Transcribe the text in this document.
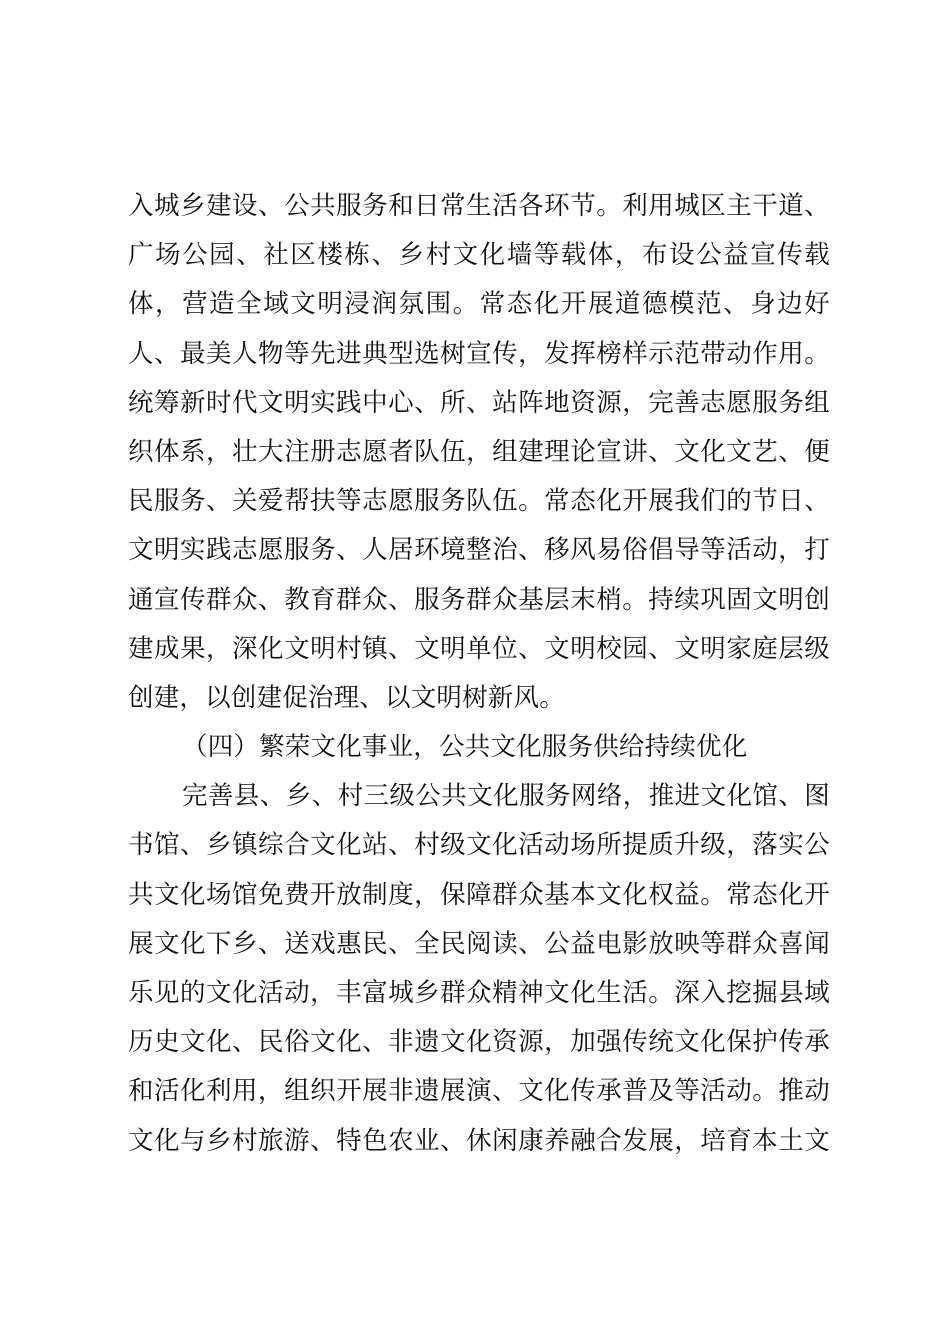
入城乡建设、公共服务和日常生活各环节。利用城区主干道、
广场公园、社区楼栋、乡村文化墙等载体，布设公益宣传载
体，营造全域文明浸润氛围。常态化开展道德模范、身边好
人、最美人物等先进典型选树宣传，发挥榜样示范带动作用。
统筹新时代文明实践中心、所、站阵地资源，完善志愿服务组
织体系，壮大注册志愿者队伍，组建理论宣讲、文化文艺、便
民服务、关爱帮扶等志愿服务队伍。常态化开展我们的节日、
文明实践志愿服务、人居环境整治、移风易俗倡导等活动，打
通宣传群众、教育群众、服务群众基层末梢。持续巩固文明创
建成果，深化文明村镇、文明单位、文明校园、文明家庭层级
创建，以创建促治理、以文明树新风。
（四）繁荣文化事业，公共文化服务供给持续优化
完善县、乡、村三级公共文化服务网络，推进文化馆、图
书馆、乡镇综合文化站、村级文化活动场所提质升级，落实公
共文化场馆免费开放制度，保障群众基本文化权益。常态化开
展文化下乡、送戏惠民、全民阅读、公益电影放映等群众喜闻
乐见的文化活动，丰富城乡群众精神文化生活。深入挖掘县域
历史文化、民俗文化、非遗文化资源，加强传统文化保护传承
和活化利用，组织开展非遗展演、文化传承普及等活动。推动
文化与乡村旅游、特色农业、休闲康养融合发展，培育本土文
